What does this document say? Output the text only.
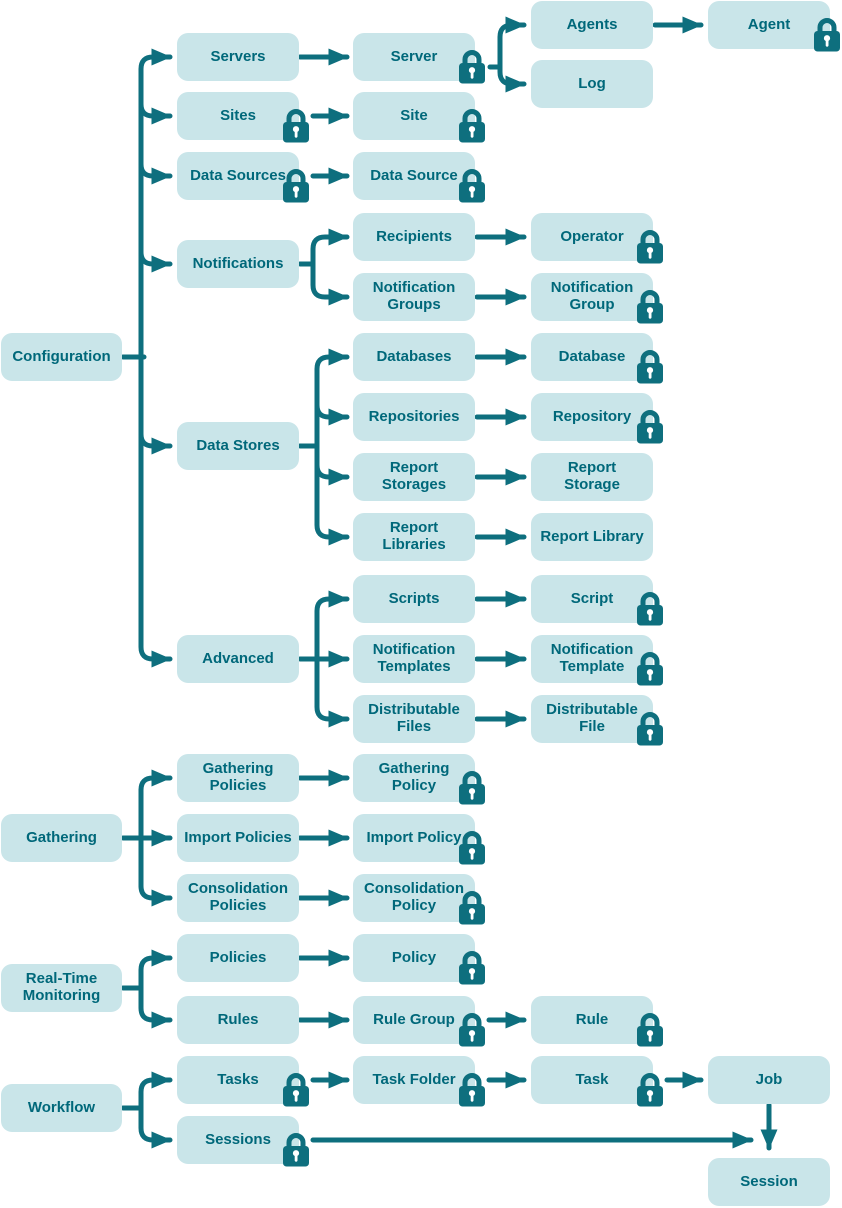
Configuration
Gathering
Real-Time Monitoring
Workflow
Servers
Sites
Data Sources
Notifications
Data Stores
Advanced
Gathering Policies
Import Policies
Consolidation Policies
Policies
Rules
Tasks
Sessions
Server
Site
Data Source
Recipients
Notification Groups
Databases
Repositories
Report Storages
Report Libraries
Scripts
Notification Templates
Distributable Files
Gathering Policy
Import Policy
Consolidation Policy
Policy
Rule Group
Task Folder
Agents
Log
Operator
Notification Group
Database
Repository
Report Storage
Report Library
Script
Notification Template
Distributable File
Rule
Task
Agent
Job
Session
